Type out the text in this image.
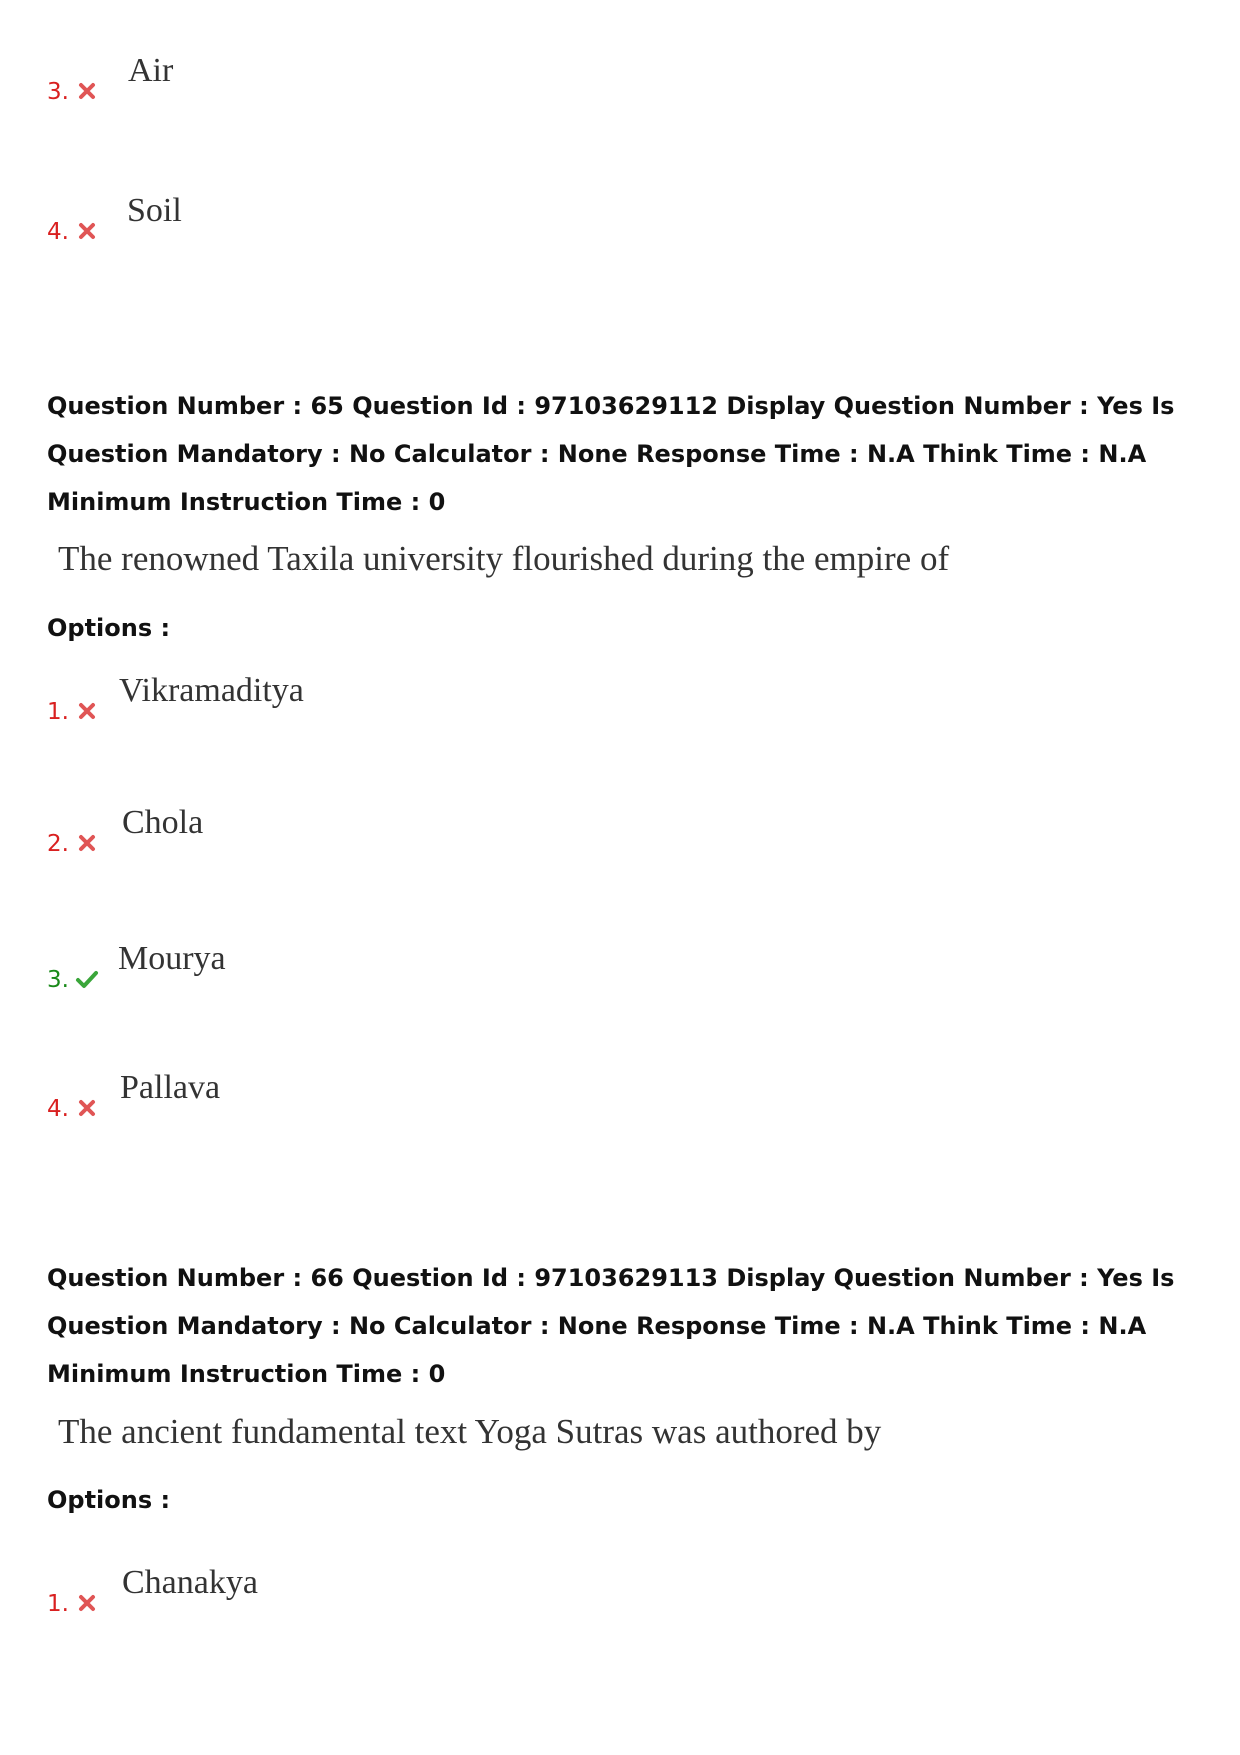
3.
Air
4.
Soil
Question Number : 65 Question Id : 97103629112 Display Question Number : Yes Is Question Mandatory : No Calculator : None Response Time : N.A Think Time : N.A Minimum Instruction Time : 0
The renowned Taxila university flourished during the empire of
Options :
1.
Vikramaditya
2.
Chola
3.
Mourya
4.
Pallava
Question Number : 66 Question Id : 97103629113 Display Question Number : Yes Is Question Mandatory : No Calculator : None Response Time : N.A Think Time : N.A Minimum Instruction Time : 0
The ancient fundamental text Yoga Sutras was authored by
Options :
1.
Chanakya
